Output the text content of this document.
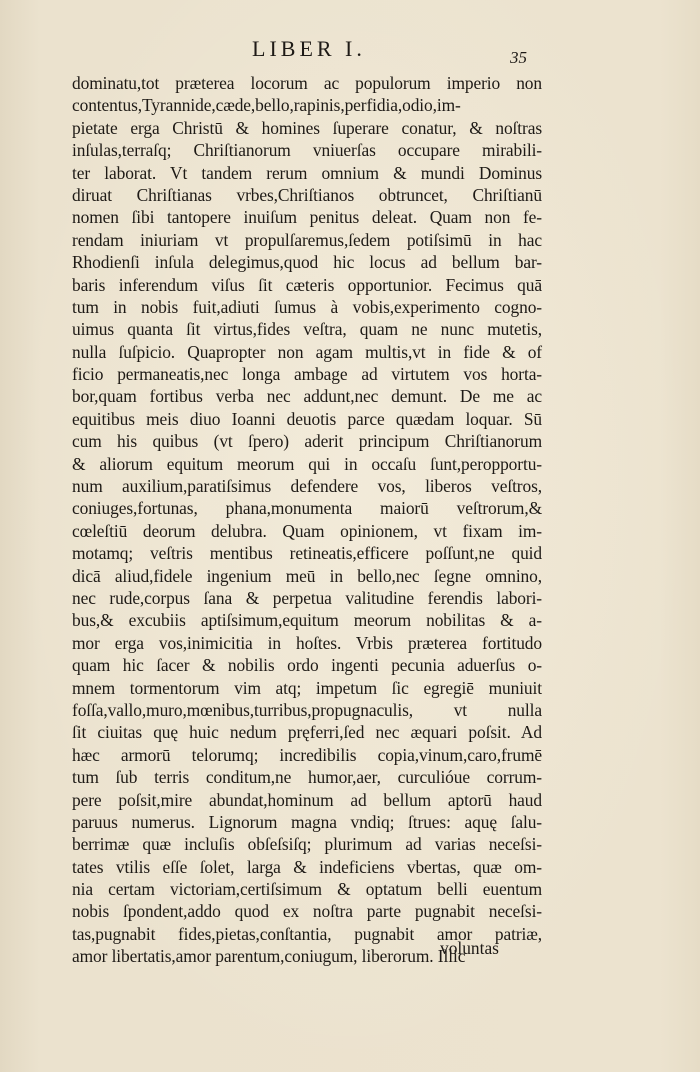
LIBER I.	35
dominatu,tot præterea locorum ac populorum imperio non
contentus,Tyrannide,cæde,bello,rapinis,perfidia,odio,im-
pietate erga Christū & homines ſuperare conatur, & noſtras
inſulas,terraſq; Chriſtianorum vniuerſas occupare mirabili-
ter laborat. Vt tandem rerum omnium & mundi Dominus
diruat Chriſtianas vrbes,Chriſtianos obtruncet, Chriſtianū
nomen ſibi tantopere inuiſum penitus deleat. Quam non fe-
rendam iniuriam vt propulſaremus,ſedem potiſsimū in hac
Rhodienſi inſula delegimus,quod hic locus ad bellum bar-
baris inferendum viſus ſit cæteris opportunior. Fecimus quā
tum in nobis fuit,adiuti ſumus à vobis,experimento cogno-
uimus quanta ſit virtus,fides veſtra, quam ne nunc mutetis,
nulla ſuſpicio. Quapropter non agam multis,vt in fide & of
ficio permaneatis,nec longa ambage ad virtutem vos horta-
bor,quam fortibus verba nec addunt,nec demunt. De me ac
equitibus meis diuo Ioanni deuotis parce quædam loquar. Sū
cum his quibus (vt ſpero) aderit principum Chriſtianorum
& aliorum equitum meorum qui in occaſu ſunt,peropportu-
num auxilium,paratiſsimus defendere vos, liberos veſtros,
coniuges,fortunas, phana,monumenta maiorū veſtrorum,&
cœleſtiū deorum delubra. Quam opinionem, vt fixam im-
motamq; veſtris mentibus retineatis,efficere poſſunt,ne quid
dicā aliud,fidele ingenium meū in bello,nec ſegne omnino,
nec rude,corpus ſana & perpetua valitudine ferendis labori-
bus,& excubiis aptiſsimum,equitum meorum nobilitas & a-
mor erga vos,inimicitia in hoſtes. Vrbis præterea fortitudo
quam hic ſacer & nobilis ordo ingenti pecunia aduerſus o-
mnem tormentorum vim atq; impetum ſic egregiē muniuit
foſſa,vallo,muro,mœnibus,turribus,propugnaculis, vt nulla
ſit ciuitas quę huic nedum pręferri,ſed nec æquari poſsit. Ad
hæc armorū telorumq; incredibilis copia,vinum,caro,frumē
tum ſub terris conditum,ne humor,aer, curculióue corrum-
pere poſsit,mire abundat,hominum ad bellum aptorū haud
paruus numerus. Lignorum magna vndiq; ſtrues: aquę ſalu-
berrimæ quæ incluſis obſeſsiſq; plurimum ad varias neceſsi-
tates vtilis eſſe ſolet, larga & indeficiens vbertas, quæ om-
nia certam victoriam,certiſsimum & optatum belli euentum
nobis ſpondent,addo quod ex noſtra parte pugnabit neceſsi-
tas,pugnabit fides,pietas,conſtantia, pugnabit amor patriæ,
amor libertatis,amor parentum,coniugum, liberorum. Illic
voluntas
